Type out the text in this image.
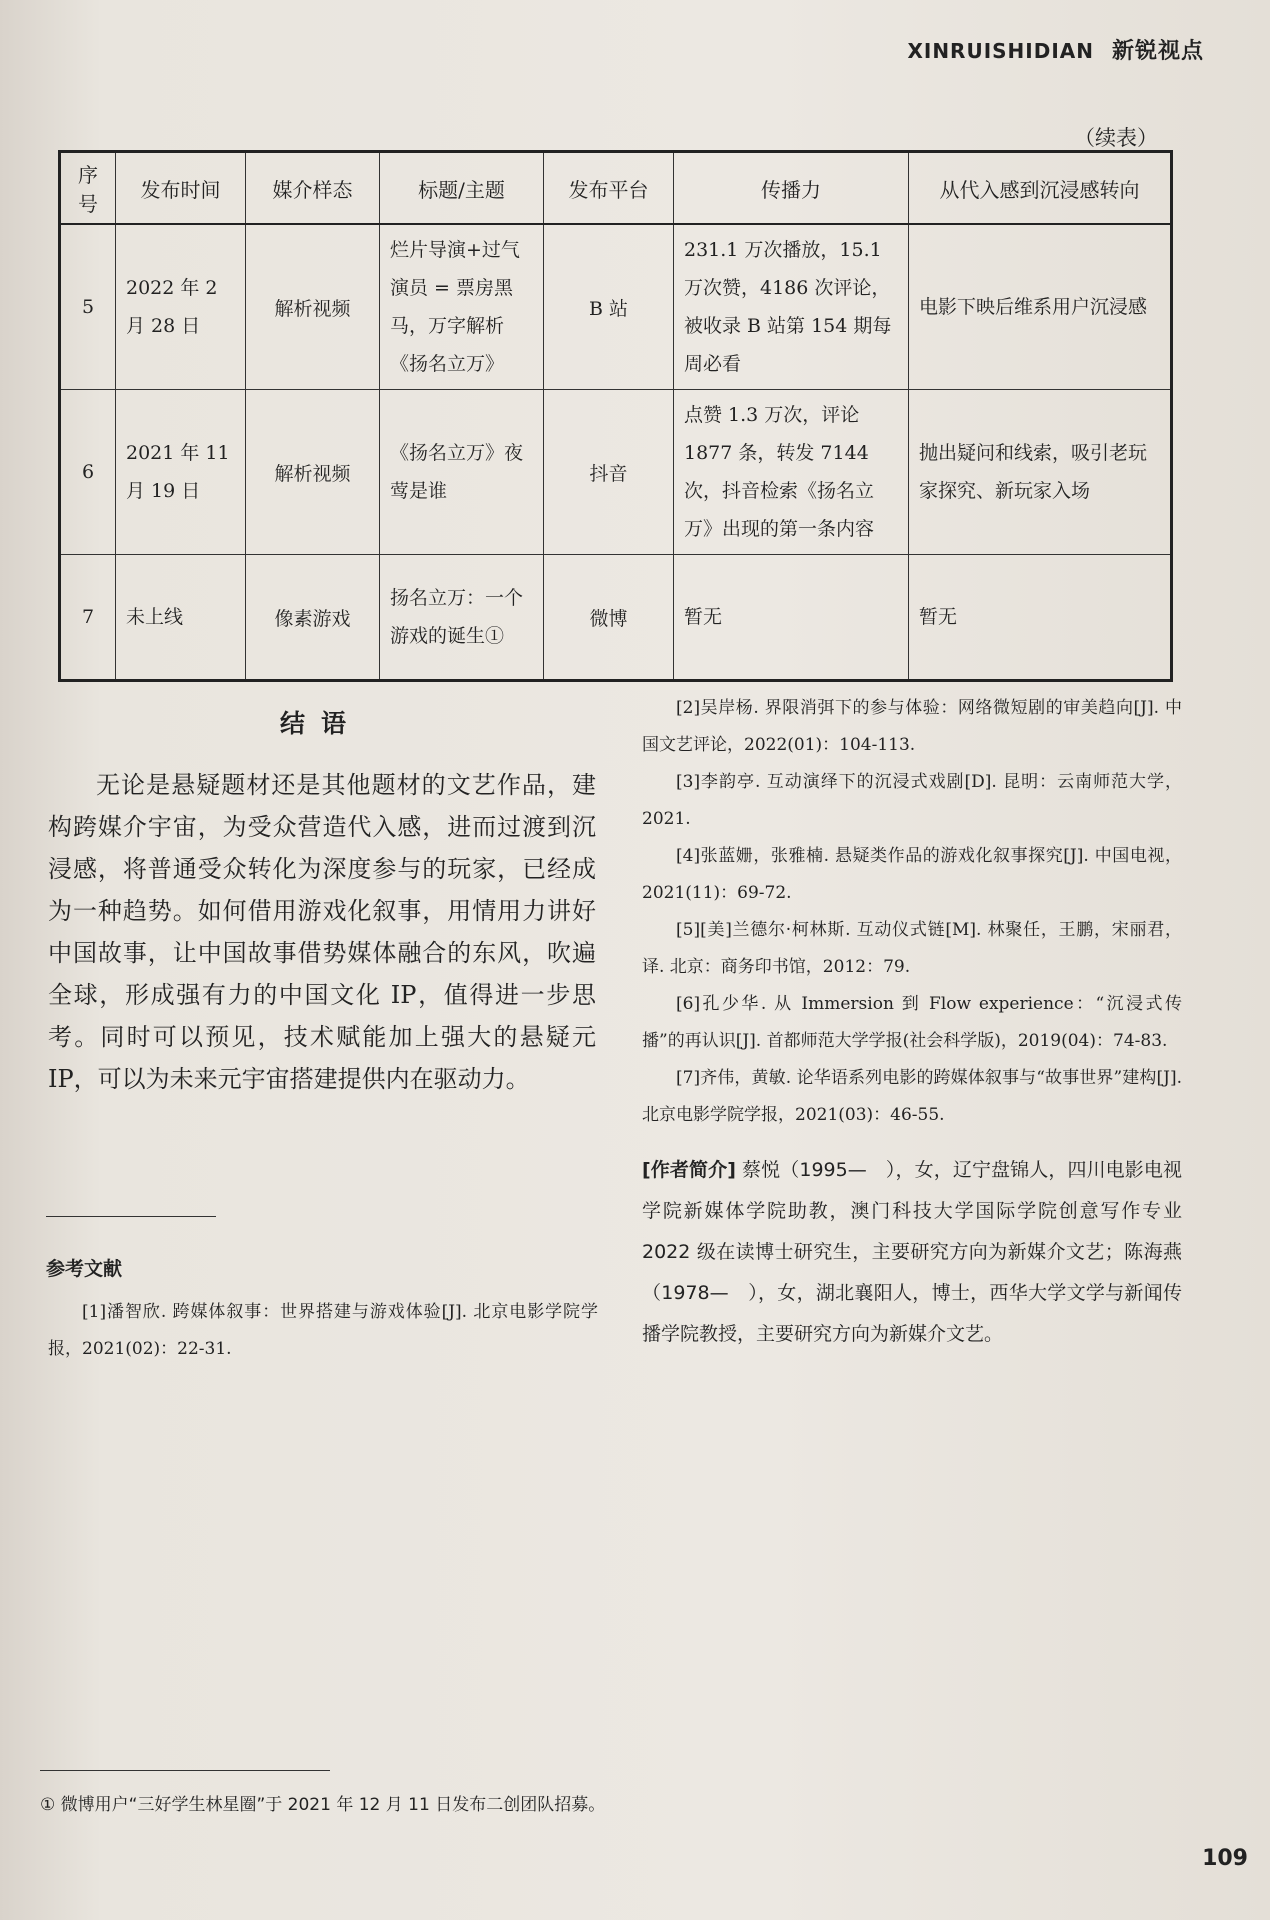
XINRUISHIDIAN 新锐视点
（续表）
序号	发布时间	媒介样态	标题/主题	发布平台	传播力	从代入感到沉浸感转向
5	2022 年 2 月 28 日	解析视频	烂片导演+过气演员 = 票房黑马，万字解析《扬名立万》	B 站	231.1 万次播放，15.1 万次赞，4186 次评论，被收录 B 站第 154 期每周必看	电影下映后维系用户沉浸感
6	2021 年 11 月 19 日	解析视频	《扬名立万》夜莺是谁	抖音	点赞 1.3 万次，评论 1877 条，转发 7144 次，抖音检索《扬名立万》出现的第一条内容	抛出疑问和线索，吸引老玩家探究、新玩家入场
7	未上线	像素游戏	扬名立万：一个游戏的诞生①	微博	暂无	暂无
结语
无论是悬疑题材还是其他题材的文艺作品，建构跨媒介宇宙，为受众营造代入感，进而过渡到沉浸感，将普通受众转化为深度参与的玩家，已经成为一种趋势。如何借用游戏化叙事，用情用力讲好中国故事，让中国故事借势媒体融合的东风，吹遍全球，形成强有力的中国文化 IP，值得进一步思考。同时可以预见，技术赋能加上强大的悬疑元 IP，可以为未来元宇宙搭建提供内在驱动力。
参考文献

[1]潘智欣. 跨媒体叙事：世界搭建与游戏体验[J]. 北京电影学院学报，2021(02)：22-31.

[2]吴岸杨. 界限消弭下的参与体验：网络微短剧的审美趋向[J]. 中国文艺评论，2022(01)：104-113.

[3]李韵亭. 互动演绎下的沉浸式戏剧[D]. 昆明：云南师范大学，2021.

[4]张蓝姗，张雅楠. 悬疑类作品的游戏化叙事探究[J]. 中国电视，2021(11)：69-72.

[5][美]兰德尔·柯林斯. 互动仪式链[M]. 林聚任，王鹏，宋丽君，译. 北京：商务印书馆，2012：79.

[6]孔少华. 从 Immersion 到 Flow experience：“沉浸式传播”的再认识[J]. 首都师范大学学报(社会科学版)，2019(04)：74-83.

[7]齐伟，黄敏. 论华语系列电影的跨媒体叙事与“故事世界”建构[J]. 北京电影学院学报，2021(03)：46-55.

[作者简介] 蔡悦（1995—　），女，辽宁盘锦人，四川电影电视学院新媒体学院助教，澳门科技大学国际学院创意写作专业 2022 级在读博士研究生，主要研究方向为新媒介文艺；陈海燕（1978—　），女，湖北襄阳人，博士，西华大学文学与新闻传播学院教授，主要研究方向为新媒介文艺。
① 微博用户“三好学生林星圈”于 2021 年 12 月 11 日发布二创团队招募。
109
